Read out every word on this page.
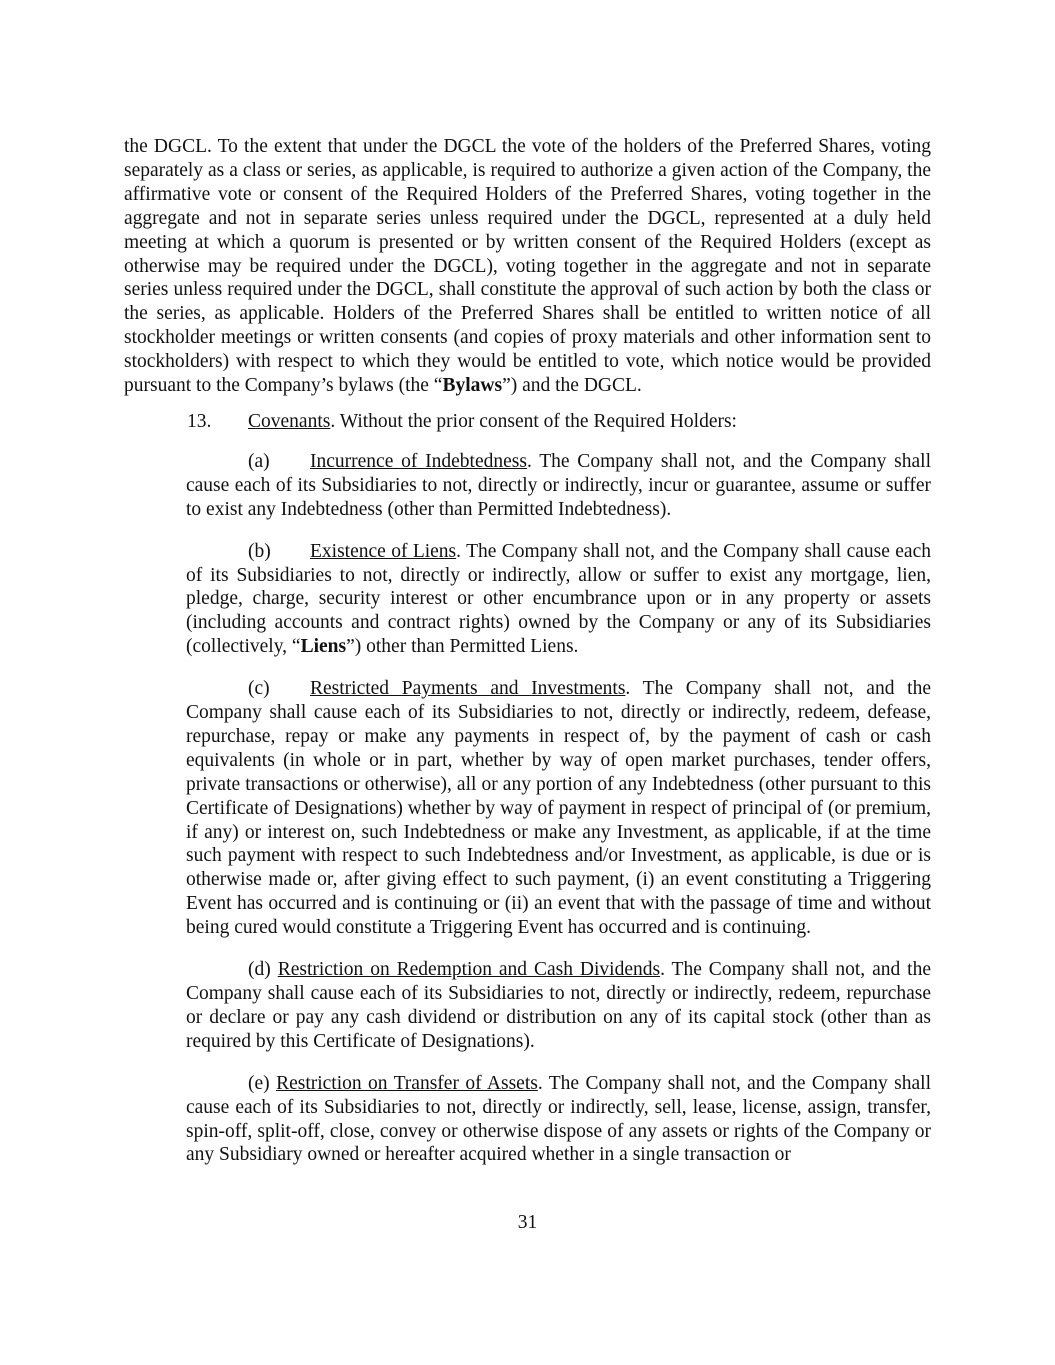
the DGCL. To the extent that under the DGCL the vote of the holders of the Preferred Shares, voting separately as a class or series, as applicable, is required to authorize a given action of the Company, the affirmative vote or consent of the Required Holders of the Preferred Shares, voting together in the aggregate and not in separate series unless required under the DGCL, represented at a duly held meeting at which a quorum is presented or by written consent of the Required Holders (except as otherwise may be required under the DGCL), voting together in the aggregate and not in separate series unless required under the DGCL, shall constitute the approval of such action by both the class or the series, as applicable. Holders of the Preferred Shares shall be entitled to written notice of all stockholder meetings or written consents (and copies of proxy materials and other information sent to stockholders) with respect to which they would be entitled to vote, which notice would be provided pursuant to the Company’s bylaws (the “Bylaws”) and the DGCL.

13. Covenants. Without the prior consent of the Required Holders:

(a) Incurrence of Indebtedness. The Company shall not, and the Company shall cause each of its Subsidiaries to not, directly or indirectly, incur or guarantee, assume or suffer to exist any Indebtedness (other than Permitted Indebtedness).

(b) Existence of Liens. The Company shall not, and the Company shall cause each of its Subsidiaries to not, directly or indirectly, allow or suffer to exist any mortgage, lien, pledge, charge, security interest or other encumbrance upon or in any property or assets (including accounts and contract rights) owned by the Company or any of its Subsidiaries (collectively, “Liens”) other than Permitted Liens.

(c) Restricted Payments and Investments. The Company shall not, and the Company shall cause each of its Subsidiaries to not, directly or indirectly, redeem, defease, repurchase, repay or make any payments in respect of, by the payment of cash or cash equivalents (in whole or in part, whether by way of open market purchases, tender offers, private transactions or otherwise), all or any portion of any Indebtedness (other pursuant to this Certificate of Designations) whether by way of payment in respect of principal of (or premium, if any) or interest on, such Indebtedness or make any Investment, as applicable, if at the time such payment with respect to such Indebtedness and/or Investment, as applicable, is due or is otherwise made or, after giving effect to such payment, (i) an event constituting a Triggering Event has occurred and is continuing or (ii) an event that with the passage of time and without being cured would constitute a Triggering Event has occurred and is continuing.

(d) Restriction on Redemption and Cash Dividends. The Company shall not, and the Company shall cause each of its Subsidiaries to not, directly or indirectly, redeem, repurchase or declare or pay any cash dividend or distribution on any of its capital stock (other than as required by this Certificate of Designations).

(e) Restriction on Transfer of Assets. The Company shall not, and the Company shall cause each of its Subsidiaries to not, directly or indirectly, sell, lease, license, assign, transfer, spin-off, split-off, close, convey or otherwise dispose of any assets or rights of the Company or any Subsidiary owned or hereafter acquired whether in a single transaction or

31
